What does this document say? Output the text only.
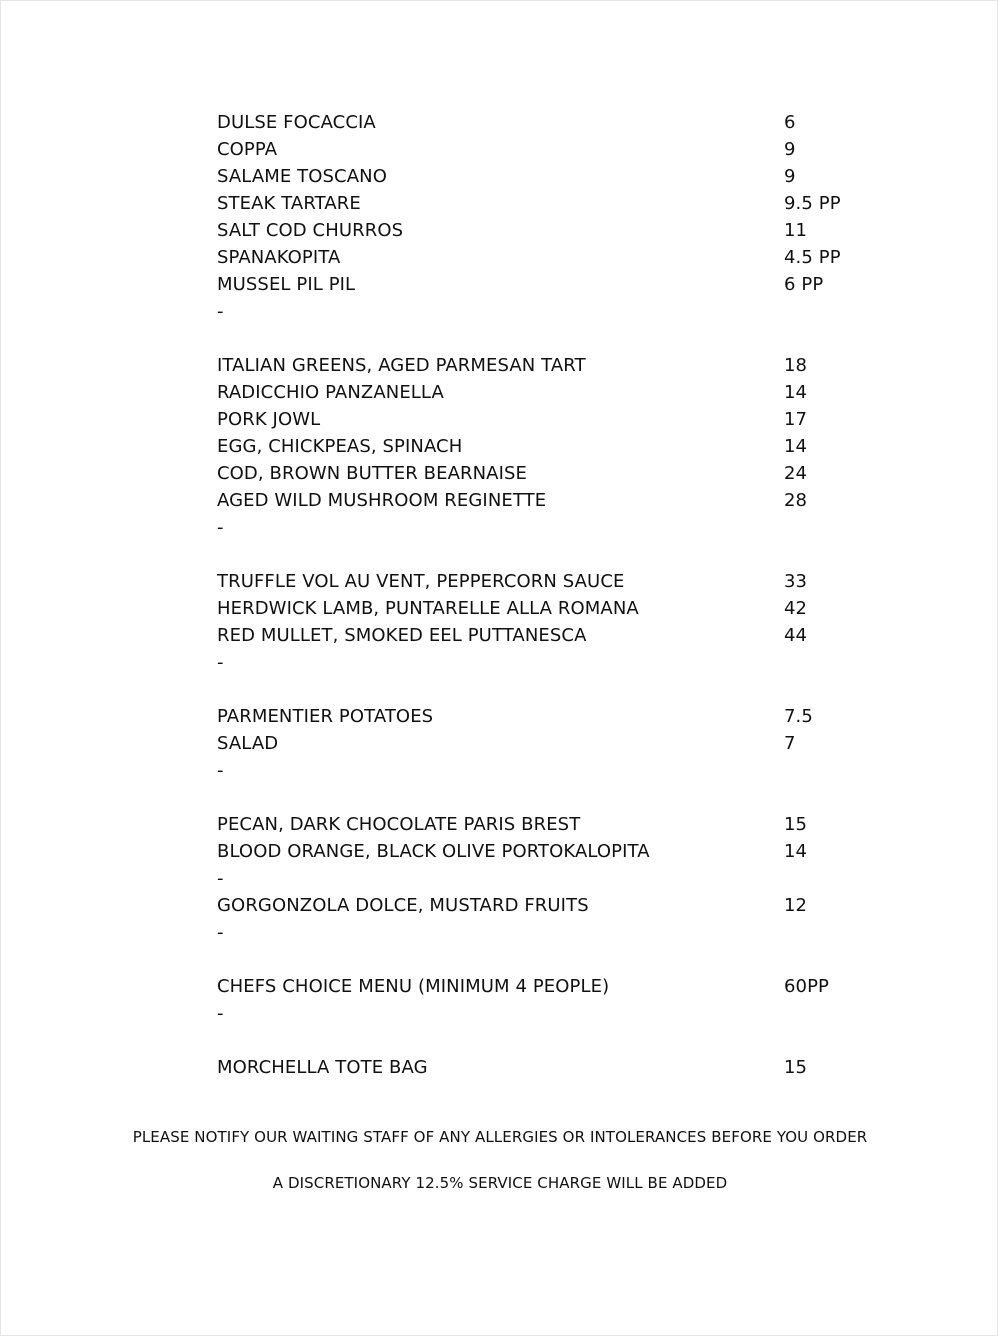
DULSE FOCACCIA	6
COPPA	9
SALAME TOSCANO	9
STEAK TARTARE	9.5 PP
SALT COD CHURROS	11
SPANAKOPITA	4.5 PP
MUSSEL PIL PIL	6 PP
-
ITALIAN GREENS, AGED PARMESAN TART	18
RADICCHIO PANZANELLA	14
PORK JOWL	17
EGG, CHICKPEAS, SPINACH	14
COD, BROWN BUTTER BEARNAISE	24
AGED WILD MUSHROOM REGINETTE	28
-
TRUFFLE VOL AU VENT, PEPPERCORN SAUCE	33
HERDWICK LAMB, PUNTARELLE ALLA ROMANA	42
RED MULLET, SMOKED EEL PUTTANESCA	44
-
PARMENTIER POTATOES	7.5
SALAD	7
-
PECAN, DARK CHOCOLATE PARIS BREST	15
BLOOD ORANGE, BLACK OLIVE PORTOKALOPITA	14
-
GORGONZOLA DOLCE, MUSTARD FRUITS	12
-
CHEFS CHOICE MENU (MINIMUM 4 PEOPLE)	60PP
-
MORCHELLA TOTE BAG	15
PLEASE NOTIFY OUR WAITING STAFF OF ANY ALLERGIES OR INTOLERANCES BEFORE YOU ORDER
A DISCRETIONARY 12.5% SERVICE CHARGE WILL BE ADDED
